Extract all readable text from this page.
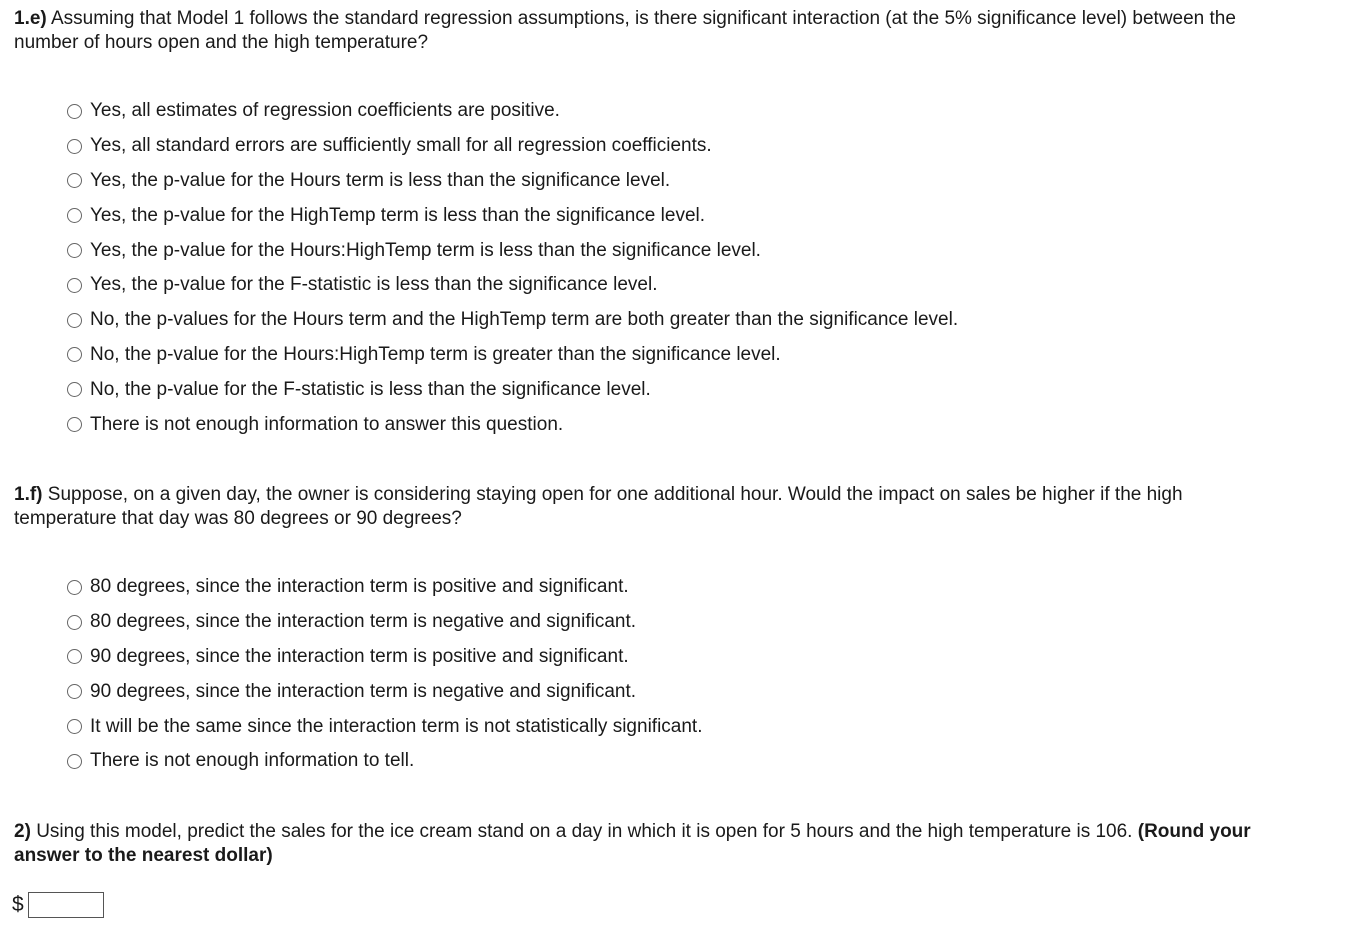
1.e) Assuming that Model 1 follows the standard regression assumptions, is there significant interaction (at the 5% significance level) between the number of hours open and the high temperature?
Yes, all estimates of regression coefficients are positive.
Yes, all standard errors are sufficiently small for all regression coefficients.
Yes, the p-value for the Hours term is less than the significance level.
Yes, the p-value for the HighTemp term is less than the significance level.
Yes, the p-value for the Hours:HighTemp term is less than the significance level.
Yes, the p-value for the F-statistic is less than the significance level.
No, the p-values for the Hours term and the HighTemp term are both greater than the significance level.
No, the p-value for the Hours:HighTemp term is greater than the significance level.
No, the p-value for the F-statistic is less than the significance level.
There is not enough information to answer this question.
1.f) Suppose, on a given day, the owner is considering staying open for one additional hour. Would the impact on sales be higher if the high temperature that day was 80 degrees or 90 degrees?
80 degrees, since the interaction term is positive and significant.
80 degrees, since the interaction term is negative and significant.
90 degrees, since the interaction term is positive and significant.
90 degrees, since the interaction term is negative and significant.
It will be the same since the interaction term is not statistically significant.
There is not enough information to tell.
2) Using this model, predict the sales for the ice cream stand on a day in which it is open for 5 hours and the high temperature is 106. (Round your answer to the nearest dollar)
$
